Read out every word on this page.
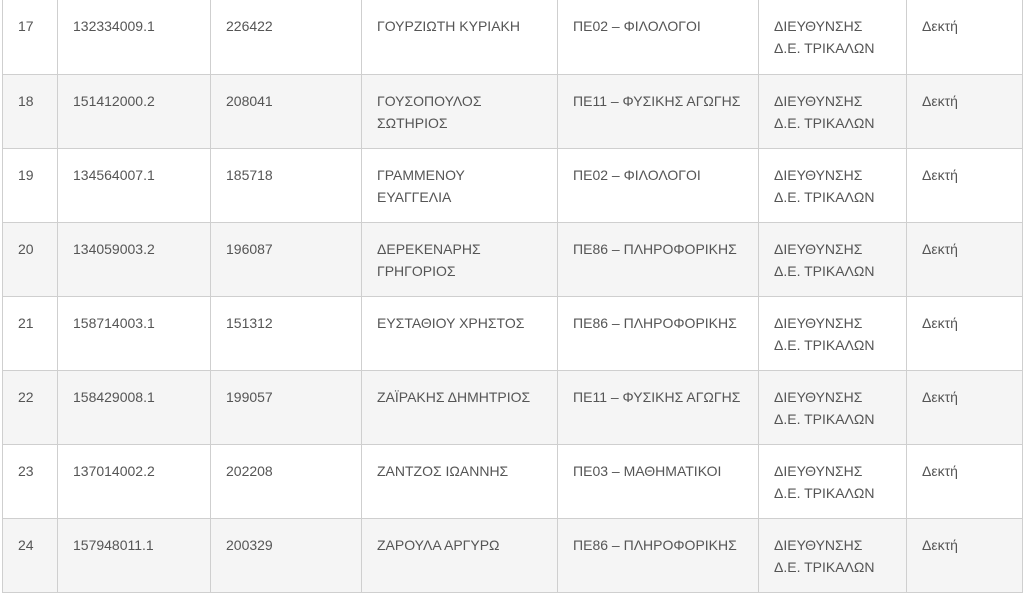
17	132334009.1	226422	ΓΟΥΡΖΙΩΤΗ ΚΥΡΙΑΚΗ	ΠΕ02 – ΦΙΛΟΛΟΓΟΙ	ΔΙΕΥΘΥΝΣΗΣ Δ.Ε. ΤΡΙΚΑΛΩΝ	Δεκτή
18	151412000.2	208041	ΓΟΥΣΟΠΟΥΛΟΣ ΣΩΤΗΡΙΟΣ	ΠΕ11 – ΦΥΣΙΚΗΣ ΑΓΩΓΗΣ	ΔΙΕΥΘΥΝΣΗΣ Δ.Ε. ΤΡΙΚΑΛΩΝ	Δεκτή
19	134564007.1	185718	ΓΡΑΜΜΕΝΟΥ ΕΥΑΓΓΕΛΙΑ	ΠΕ02 – ΦΙΛΟΛΟΓΟΙ	ΔΙΕΥΘΥΝΣΗΣ Δ.Ε. ΤΡΙΚΑΛΩΝ	Δεκτή
20	134059003.2	196087	ΔΕΡΕΚΕΝΑΡΗΣ ΓΡΗΓΟΡΙΟΣ	ΠΕ86 – ΠΛΗΡΟΦΟΡΙΚΗΣ	ΔΙΕΥΘΥΝΣΗΣ Δ.Ε. ΤΡΙΚΑΛΩΝ	Δεκτή
21	158714003.1	151312	ΕΥΣΤΑΘΙΟΥ ΧΡΗΣΤΟΣ	ΠΕ86 – ΠΛΗΡΟΦΟΡΙΚΗΣ	ΔΙΕΥΘΥΝΣΗΣ Δ.Ε. ΤΡΙΚΑΛΩΝ	Δεκτή
22	158429008.1	199057	ΖΑΪΡΑΚΗΣ ΔΗΜΗΤΡΙΟΣ	ΠΕ11 – ΦΥΣΙΚΗΣ ΑΓΩΓΗΣ	ΔΙΕΥΘΥΝΣΗΣ Δ.Ε. ΤΡΙΚΑΛΩΝ	Δεκτή
23	137014002.2	202208	ΖΑΝΤΖΟΣ ΙΩΑΝΝΗΣ	ΠΕ03 – ΜΑΘΗΜΑΤΙΚΟΙ	ΔΙΕΥΘΥΝΣΗΣ Δ.Ε. ΤΡΙΚΑΛΩΝ	Δεκτή
24	157948011.1	200329	ΖΑΡΟΥΛΑ ΑΡΓΥΡΩ	ΠΕ86 – ΠΛΗΡΟΦΟΡΙΚΗΣ	ΔΙΕΥΘΥΝΣΗΣ Δ.Ε. ΤΡΙΚΑΛΩΝ	Δεκτή
